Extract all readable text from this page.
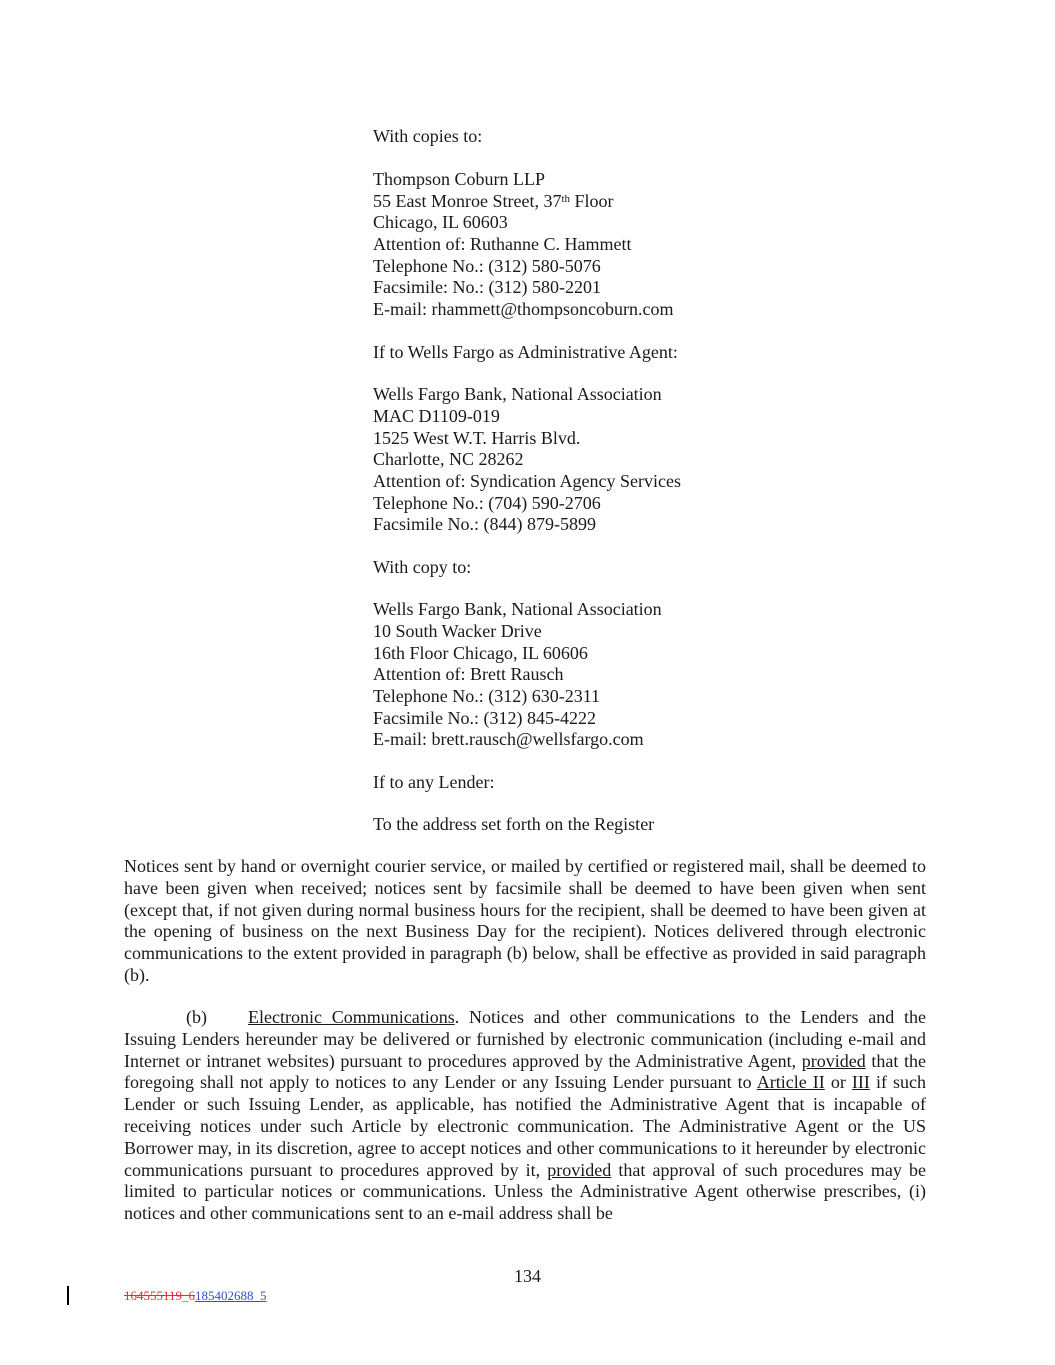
With copies to:
Thompson Coburn LLP
55 East Monroe Street, 37th Floor
Chicago, IL 60603
Attention of: Ruthanne C. Hammett
Telephone No.: (312) 580-5076
Facsimile: No.: (312) 580-2201
E-mail: rhammett@thompsoncoburn.com
If to Wells Fargo as Administrative Agent:
Wells Fargo Bank, National Association
MAC D1109-019
1525 West W.T. Harris Blvd.
Charlotte, NC 28262
Attention of: Syndication Agency Services
Telephone No.: (704) 590-2706
Facsimile No.: (844) 879-5899
With copy to:
Wells Fargo Bank, National Association
10 South Wacker Drive
16th Floor Chicago, IL 60606
Attention of: Brett Rausch
Telephone No.: (312) 630-2311
Facsimile No.: (312) 845-4222
E-mail: brett.rausch@wellsfargo.com
If to any Lender:
To the address set forth on the Register
Notices sent by hand or overnight courier service, or mailed by certified or registered mail, shall be deemed to have been given when received; notices sent by facsimile shall be deemed to have been given when sent (except that, if not given during normal business hours for the recipient, shall be deemed to have been given at the opening of business on the next Business Day for the recipient). Notices delivered through electronic communications to the extent provided in paragraph (b) below, shall be effective as provided in said paragraph (b).
(b) Electronic Communications. Notices and other communications to the Lenders and the Issuing Lenders hereunder may be delivered or furnished by electronic communication (including e-mail and Internet or intranet websites) pursuant to procedures approved by the Administrative Agent, provided that the foregoing shall not apply to notices to any Lender or any Issuing Lender pursuant to Article II or III if such Lender or such Issuing Lender, as applicable, has notified the Administrative Agent that is incapable of receiving notices under such Article by electronic communication. The Administrative Agent or the US Borrower may, in its discretion, agree to accept notices and other communications to it hereunder by electronic communications pursuant to procedures approved by it, provided that approval of such procedures may be limited to particular notices or communications. Unless the Administrative Agent otherwise prescribes, (i) notices and other communications sent to an e-mail address shall be
134
164555119_6185402688_5
